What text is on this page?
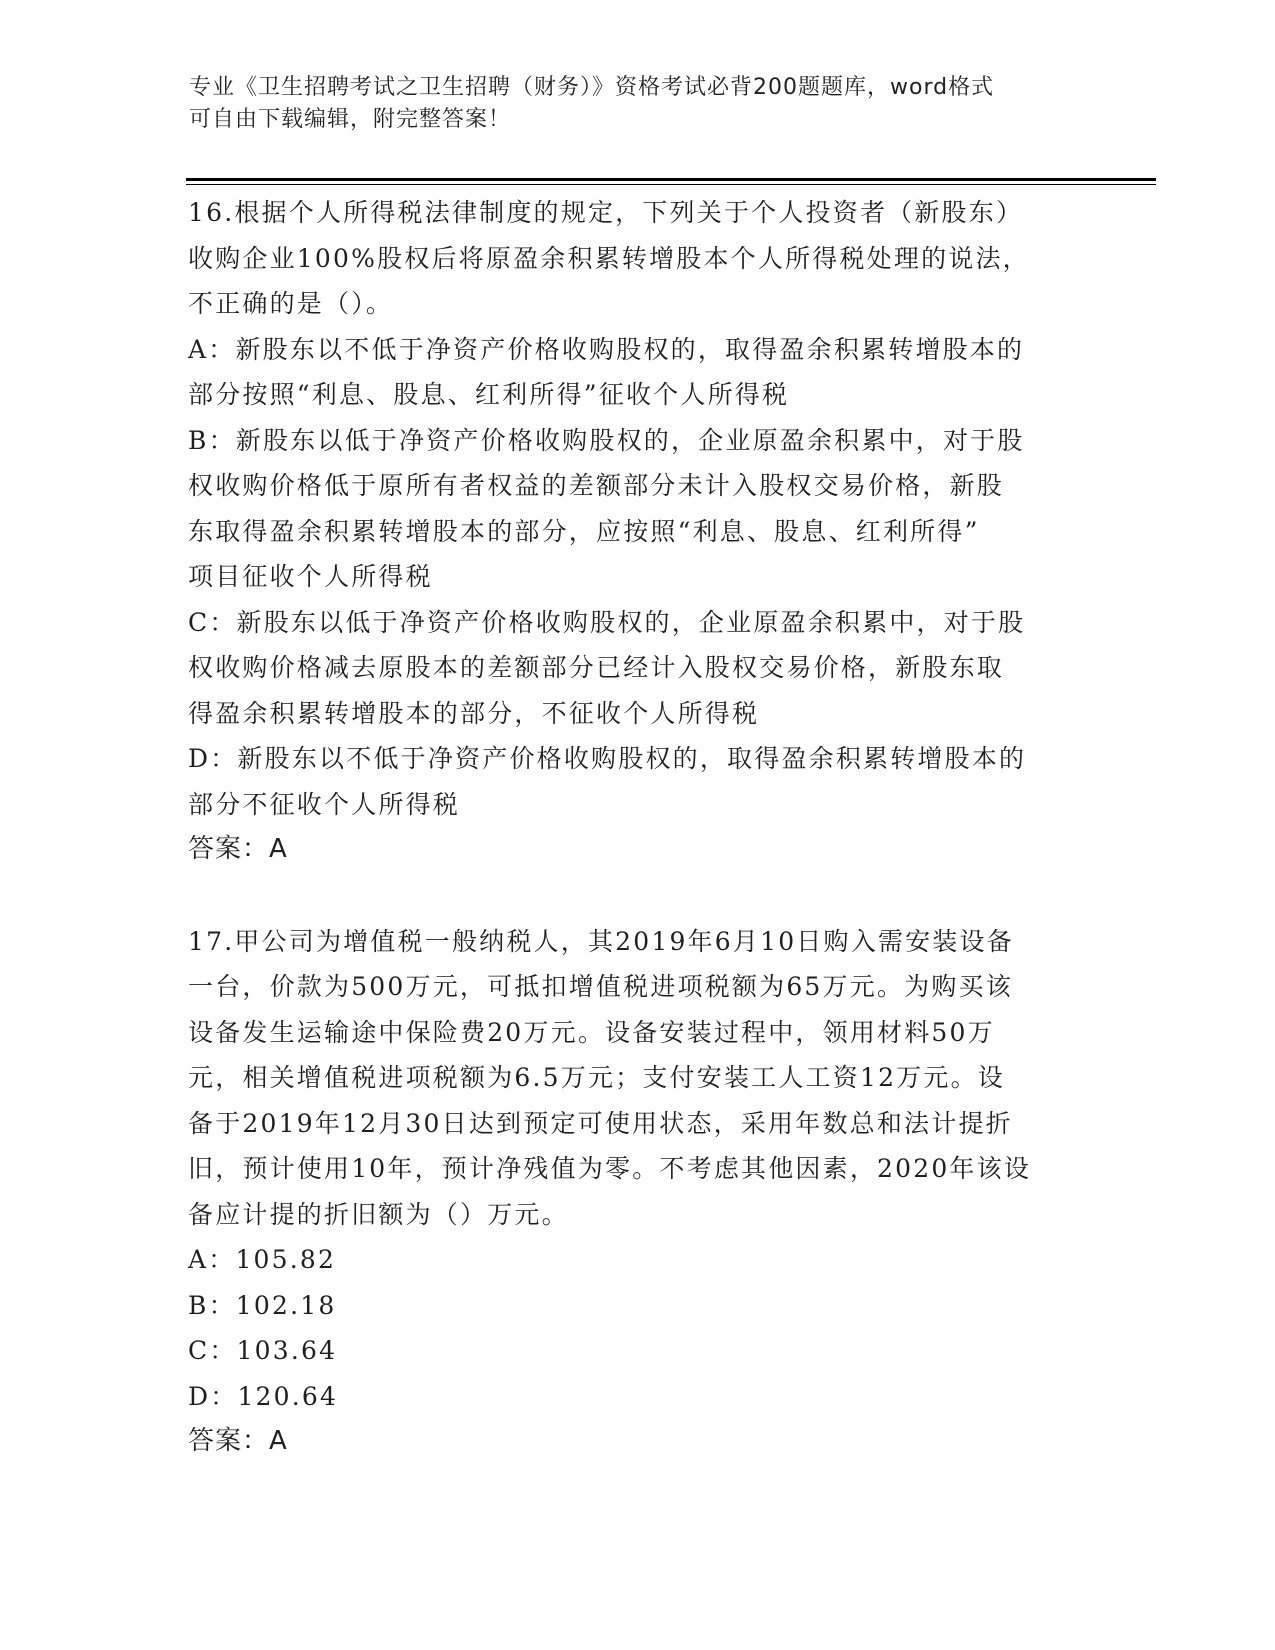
专业《卫生招聘考试之卫生招聘（财务）》资格考试必背200题题库，word格式

可自由下载编辑，附完整答案！

16.根据个人所得税法律制度的规定，下列关于个人投资者（新股东）

收购企业100%股权后将原盈余积累转增股本个人所得税处理的说法，

不正确的是（）。

A：新股东以不低于净资产价格收购股权的，取得盈余积累转增股本的

部分按照“利息、股息、红利所得”征收个人所得税

B：新股东以低于净资产价格收购股权的，企业原盈余积累中，对于股

权收购价格低于原所有者权益的差额部分未计入股权交易价格，新股

东取得盈余积累转增股本的部分，应按照“利息、股息、红利所得”

项目征收个人所得税

C：新股东以低于净资产价格收购股权的，企业原盈余积累中，对于股

权收购价格减去原股本的差额部分已经计入股权交易价格，新股东取

得盈余积累转增股本的部分，不征收个人所得税

D：新股东以不低于净资产价格收购股权的，取得盈余积累转增股本的

部分不征收个人所得税

答案：A

17.甲公司为增值税一般纳税人，其2019年6月10日购入需安装设备

一台，价款为500万元，可抵扣增值税进项税额为65万元。为购买该

设备发生运输途中保险费20万元。设备安装过程中，领用材料50万

元，相关增值税进项税额为6.5万元；支付安装工人工资12万元。设

备于2019年12月30日达到预定可使用状态，采用年数总和法计提折

旧，预计使用10年，预计净残值为零。不考虑其他因素，2020年该设

备应计提的折旧额为（）万元。

A：105.82

B：102.18

C：103.64

D：120.64

答案：A
